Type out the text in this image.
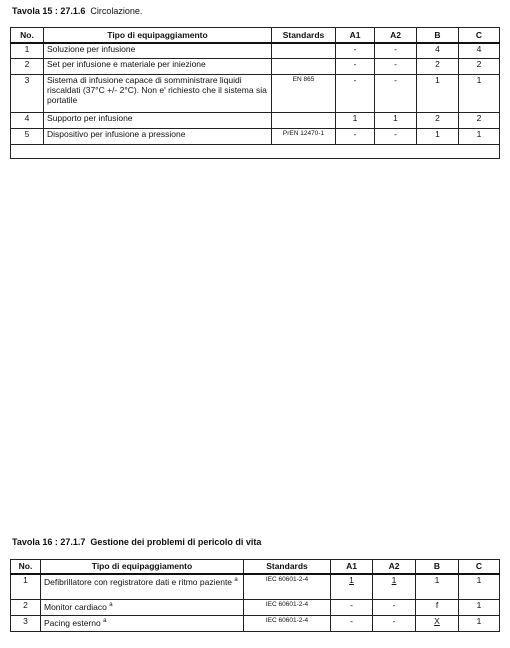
Tavola 15 : 27.1.6 Circolazione.
No.	Tipo di equipaggiamento	Standards	A1	A2	B	C
1	Soluzione per infusione		-	-	4	4
2	Set per infusione e materiale per iniezione		-	-	2	2
3	Sistema di infusione capace di somministrare liquidi riscaldati (37°C +/- 2°C). Non e' richiesto che il sistema sia portatile	EN 865	-	-	1	1
4	Supporto per infusione		1	1	2	2
5	Dispositivo per infusione a pressione	PrEN 12470-1	-	-	1	1

Tavola 16 : 27.1.7 Gestione dei problemi di pericolo di vita
No.	Tipo di equipaggiamento	Standards	A1	A2	B	C
1	Defibrillatore con registratore dati e ritmo paziente $^a$	IEC 60601-2-4	1	1	1	1
2	Monitor cardiaco $^a$	IEC 60601-2-4	-	-	f	1
3	Pacing esterno $^a$	IEC 60601-2-4	-	-	X	1
